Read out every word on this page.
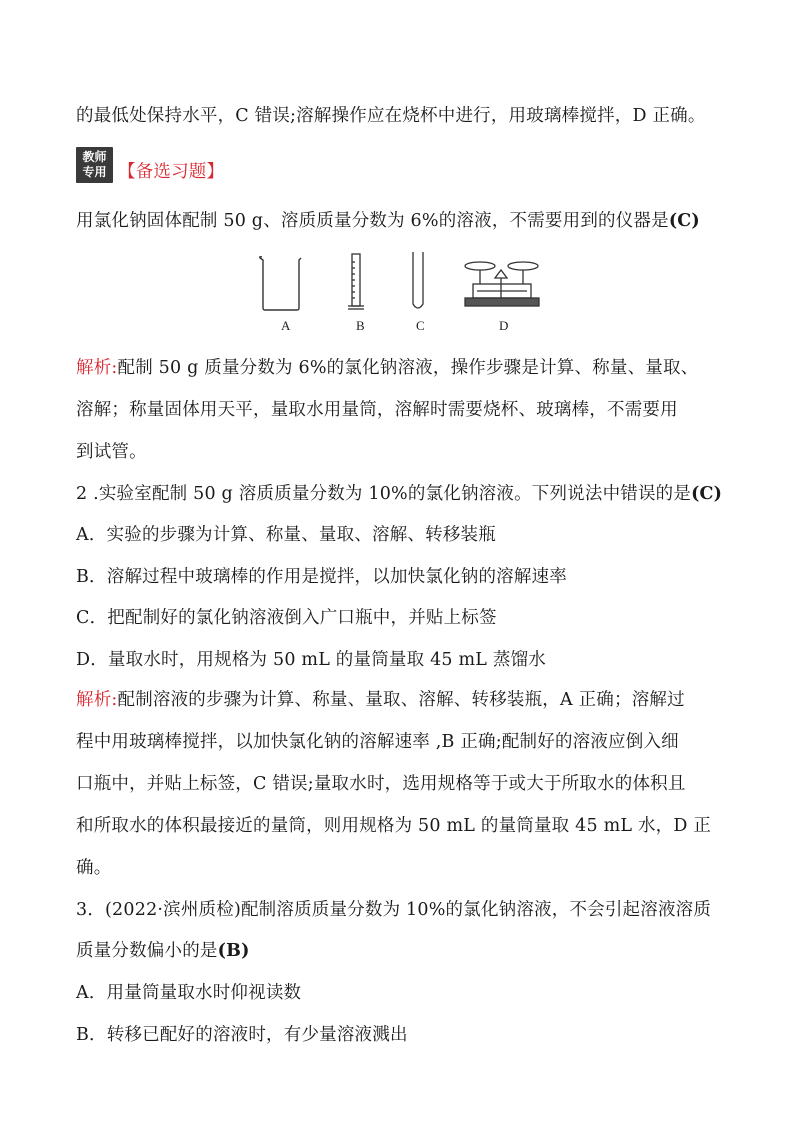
的最低处保持水平，C 错误;溶解操作应在烧杯中进行，用玻璃棒搅拌，D 正确。
教师
专用 【备选习题】
用氯化钠固体配制 50 g、溶质质量分数为 6%的溶液，不需要用到的仪器是(C)
A	B	C	D
解析:配制 50 g 质量分数为 6%的氯化钠溶液，操作步骤是计算、称量、量取、
溶解；称量固体用天平，量取水用量筒，溶解时需要烧杯、玻璃棒，不需要用
到试管。
2 .实验室配制 50 g 溶质质量分数为 10%的氯化钠溶液。下列说法中错误的是(C)
A．实验的步骤为计算、称量、量取、溶解、转移装瓶
B．溶解过程中玻璃棒的作用是搅拌，以加快氯化钠的溶解速率
C．把配制好的氯化钠溶液倒入广口瓶中，并贴上标签
D．量取水时，用规格为 50 mL 的量筒量取 45 mL 蒸馏水
解析:配制溶液的步骤为计算、称量、量取、溶解、转移装瓶，A 正确；溶解过
程中用玻璃棒搅拌，以加快氯化钠的溶解速率 ,B 正确;配制好的溶液应倒入细
口瓶中，并贴上标签，C 错误;量取水时，选用规格等于或大于所取水的体积且
和所取水的体积最接近的量筒，则用规格为 50 mL 的量筒量取 45 mL 水，D 正
确。
3．(2022·滨州质检)配制溶质质量分数为 10%的氯化钠溶液，不会引起溶液溶质
质量分数偏小的是(B)
A．用量筒量取水时仰视读数
B．转移已配好的溶液时，有少量溶液溅出
